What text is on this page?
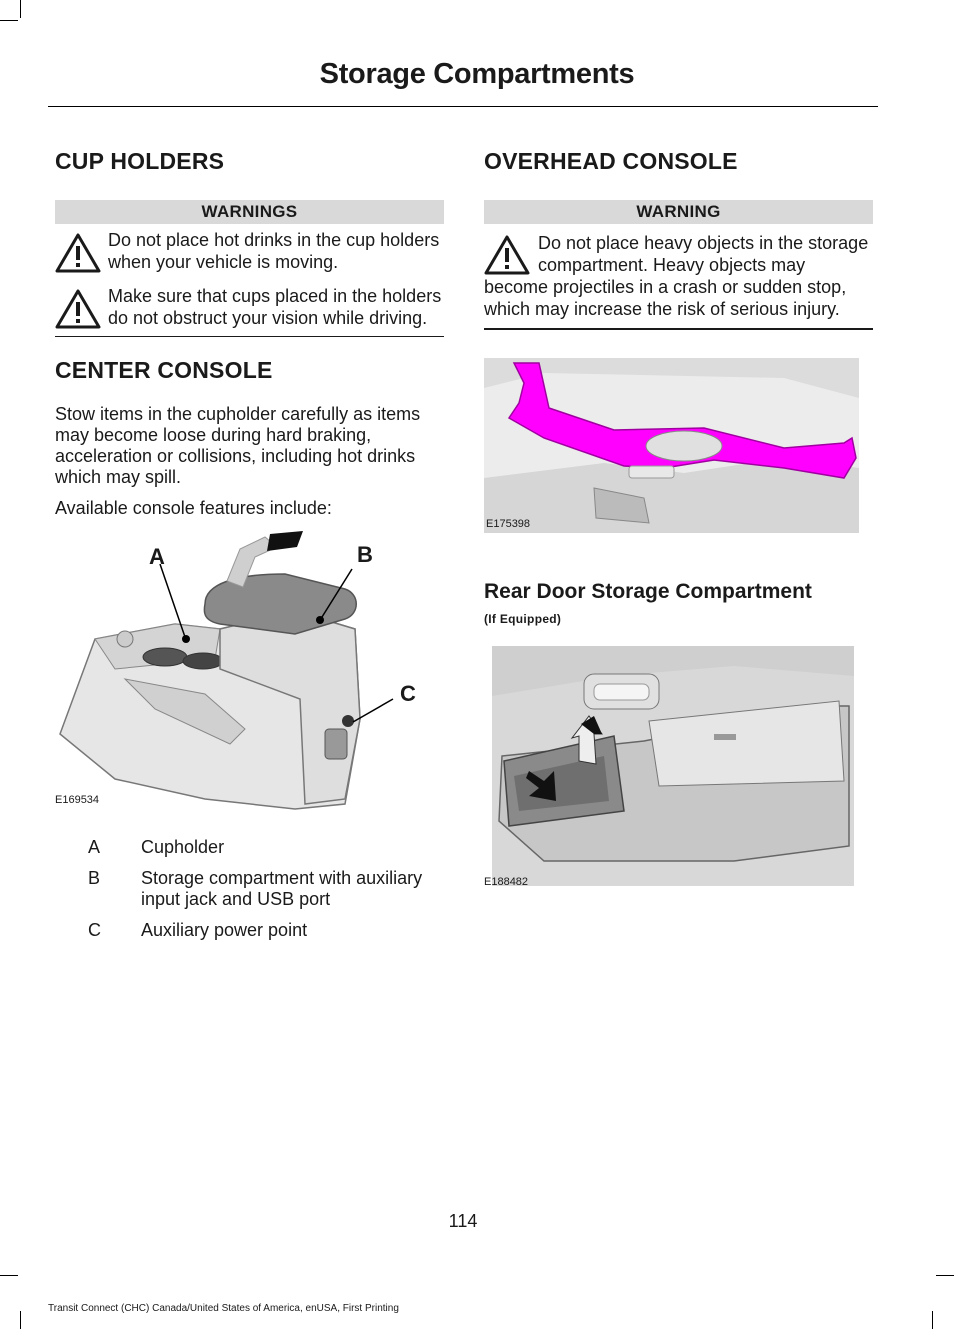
Storage Compartments
CUP HOLDERS
WARNINGS
Do not place hot drinks in the cup holders when your vehicle is moving.
Make sure that cups placed in the holders do not obstruct your vision while driving.
CENTER CONSOLE

Stow items in the cupholder carefully as items may become loose during hard braking, acceleration or collisions, including hot drinks which may spill.

Available console features include:

A	B
C
E169534
A	Cupholder
B	Storage compartment with auxiliary input jack and USB port
C	Auxiliary power point
OVERHEAD CONSOLE
WARNING
Do not place heavy objects in the storage compartment. Heavy objects may become projectiles in a crash or sudden stop, which may increase the risk of serious injury.
E175398
Rear Door Storage Compartment
(If Equipped)
E188482
114
Transit Connect (CHC) Canada/United States of America, enUSA, First Printing
